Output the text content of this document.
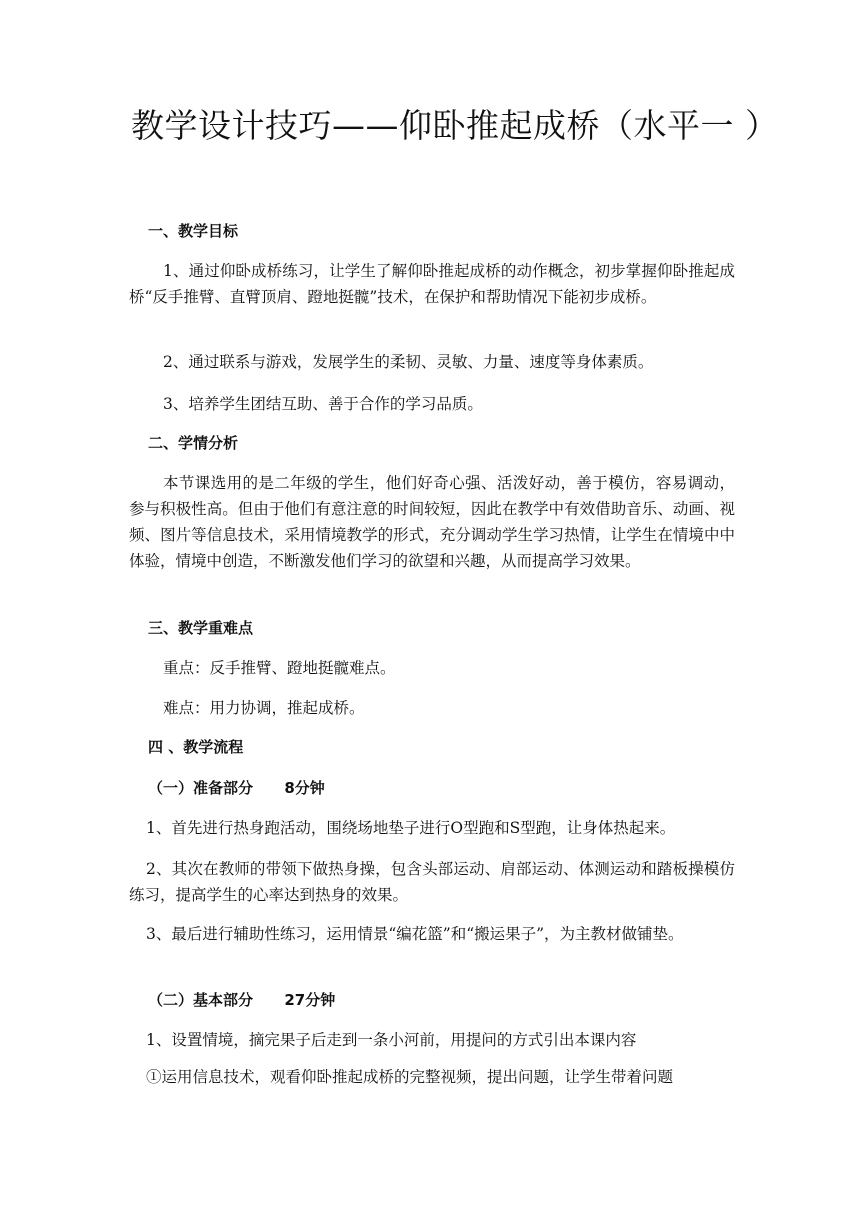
教学设计技巧——仰卧推起成桥（水平一 ）
一、教学目标
1、通过仰卧成桥练习，让学生了解仰卧推起成桥的动作概念，初步掌握仰卧推起成桥“反手推臂、直臂顶肩、蹬地挺髋”技术，在保护和帮助情况下能初步成桥。
2、通过联系与游戏，发展学生的柔韧、灵敏、力量、速度等身体素质。
3、培养学生团结互助、善于合作的学习品质。
二、学情分析
本节课选用的是二年级的学生，他们好奇心强、活泼好动，善于模仿，容易调动，参与积极性高。但由于他们有意注意的时间较短，因此在教学中有效借助音乐、动画、视频、图片等信息技术，采用情境教学的形式，充分调动学生学习热情，让学生在情境中中体验，情境中创造，不断激发他们学习的欲望和兴趣，从而提高学习效果。
三、教学重难点
重点：反手推臂、蹬地挺髋难点。
难点：用力协调，推起成桥。
四 、教学流程
（一）准备部分      8分钟
1、首先进行热身跑活动，围绕场地垫子进行O型跑和S型跑，让身体热起来。
2、其次在教师的带领下做热身操，包含头部运动、肩部运动、体测运动和踏板操模仿练习，提高学生的心率达到热身的效果。
3、最后进行辅助性练习，运用情景“编花篮”和“搬运果子”，为主教材做铺垫。
（二）基本部分      27分钟
1、设置情境，摘完果子后走到一条小河前，用提问的方式引出本课内容
①运用信息技术，观看仰卧推起成桥的完整视频，提出问题，让学生带着问题
